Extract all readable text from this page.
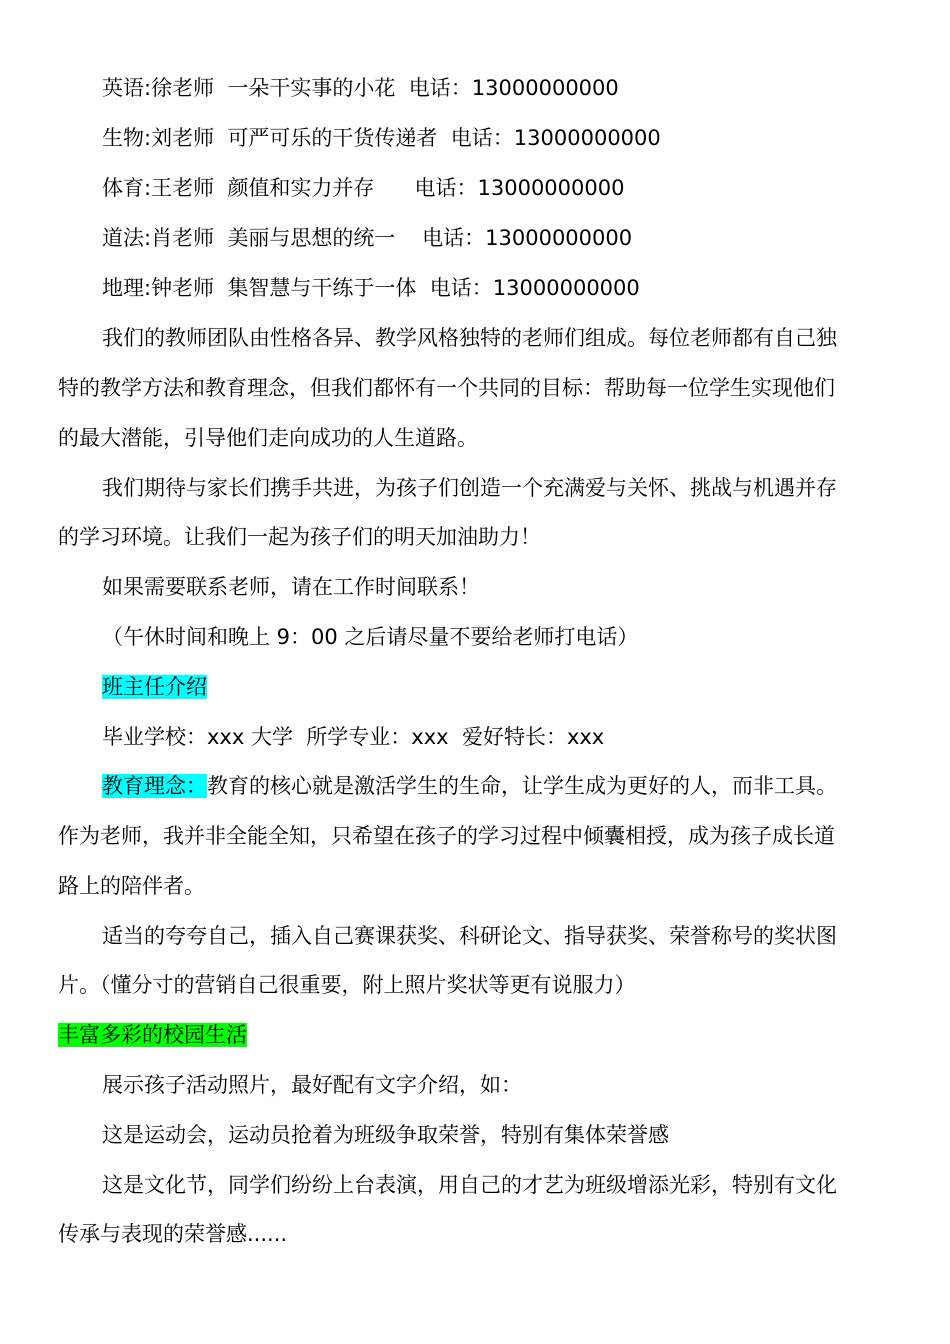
英语:徐老师 一朵干实事的小花 电话：13000000000
生物:刘老师 可严可乐的干货传递者 电话：13000000000
体育:王老师 颜值和实力并存 电话：13000000000
道法:肖老师 美丽与思想的统一 电话：13000000000
地理:钟老师 集智慧与干练于一体 电话：13000000000
我们的教师团队由性格各异、教学风格独特的老师们组成。每位老师都有自己独
特的教学方法和教育理念，但我们都怀有一个共同的目标：帮助每一位学生实现他们
的最大潜能，引导他们走向成功的人生道路。
我们期待与家长们携手共进，为孩子们创造一个充满爱与关怀、挑战与机遇并存
的学习环境。让我们一起为孩子们的明天加油助力！
如果需要联系老师，请在工作时间联系！
（午休时间和晚上 9：00 之后请尽量不要给老师打电话）
班主任介绍
毕业学校：xxx 大学  所学专业：xxx  爱好特长：xxx
教育理念：教育的核心就是激活学生的生命，让学生成为更好的人，而非工具。
作为老师，我并非全能全知，只希望在孩子的学习过程中倾囊相授，成为孩子成长道
路上的陪伴者。
适当的夸夸自己，插入自己赛课获奖、科研论文、指导获奖、荣誉称号的奖状图
片。（懂分寸的营销自己很重要，附上照片奖状等更有说服力）
丰富多彩的校园生活
展示孩子活动照片，最好配有文字介绍，如：
这是运动会，运动员抢着为班级争取荣誉，特别有集体荣誉感
这是文化节，同学们纷纷上台表演，用自己的才艺为班级增添光彩，特别有文化
传承与表现的荣誉感......
